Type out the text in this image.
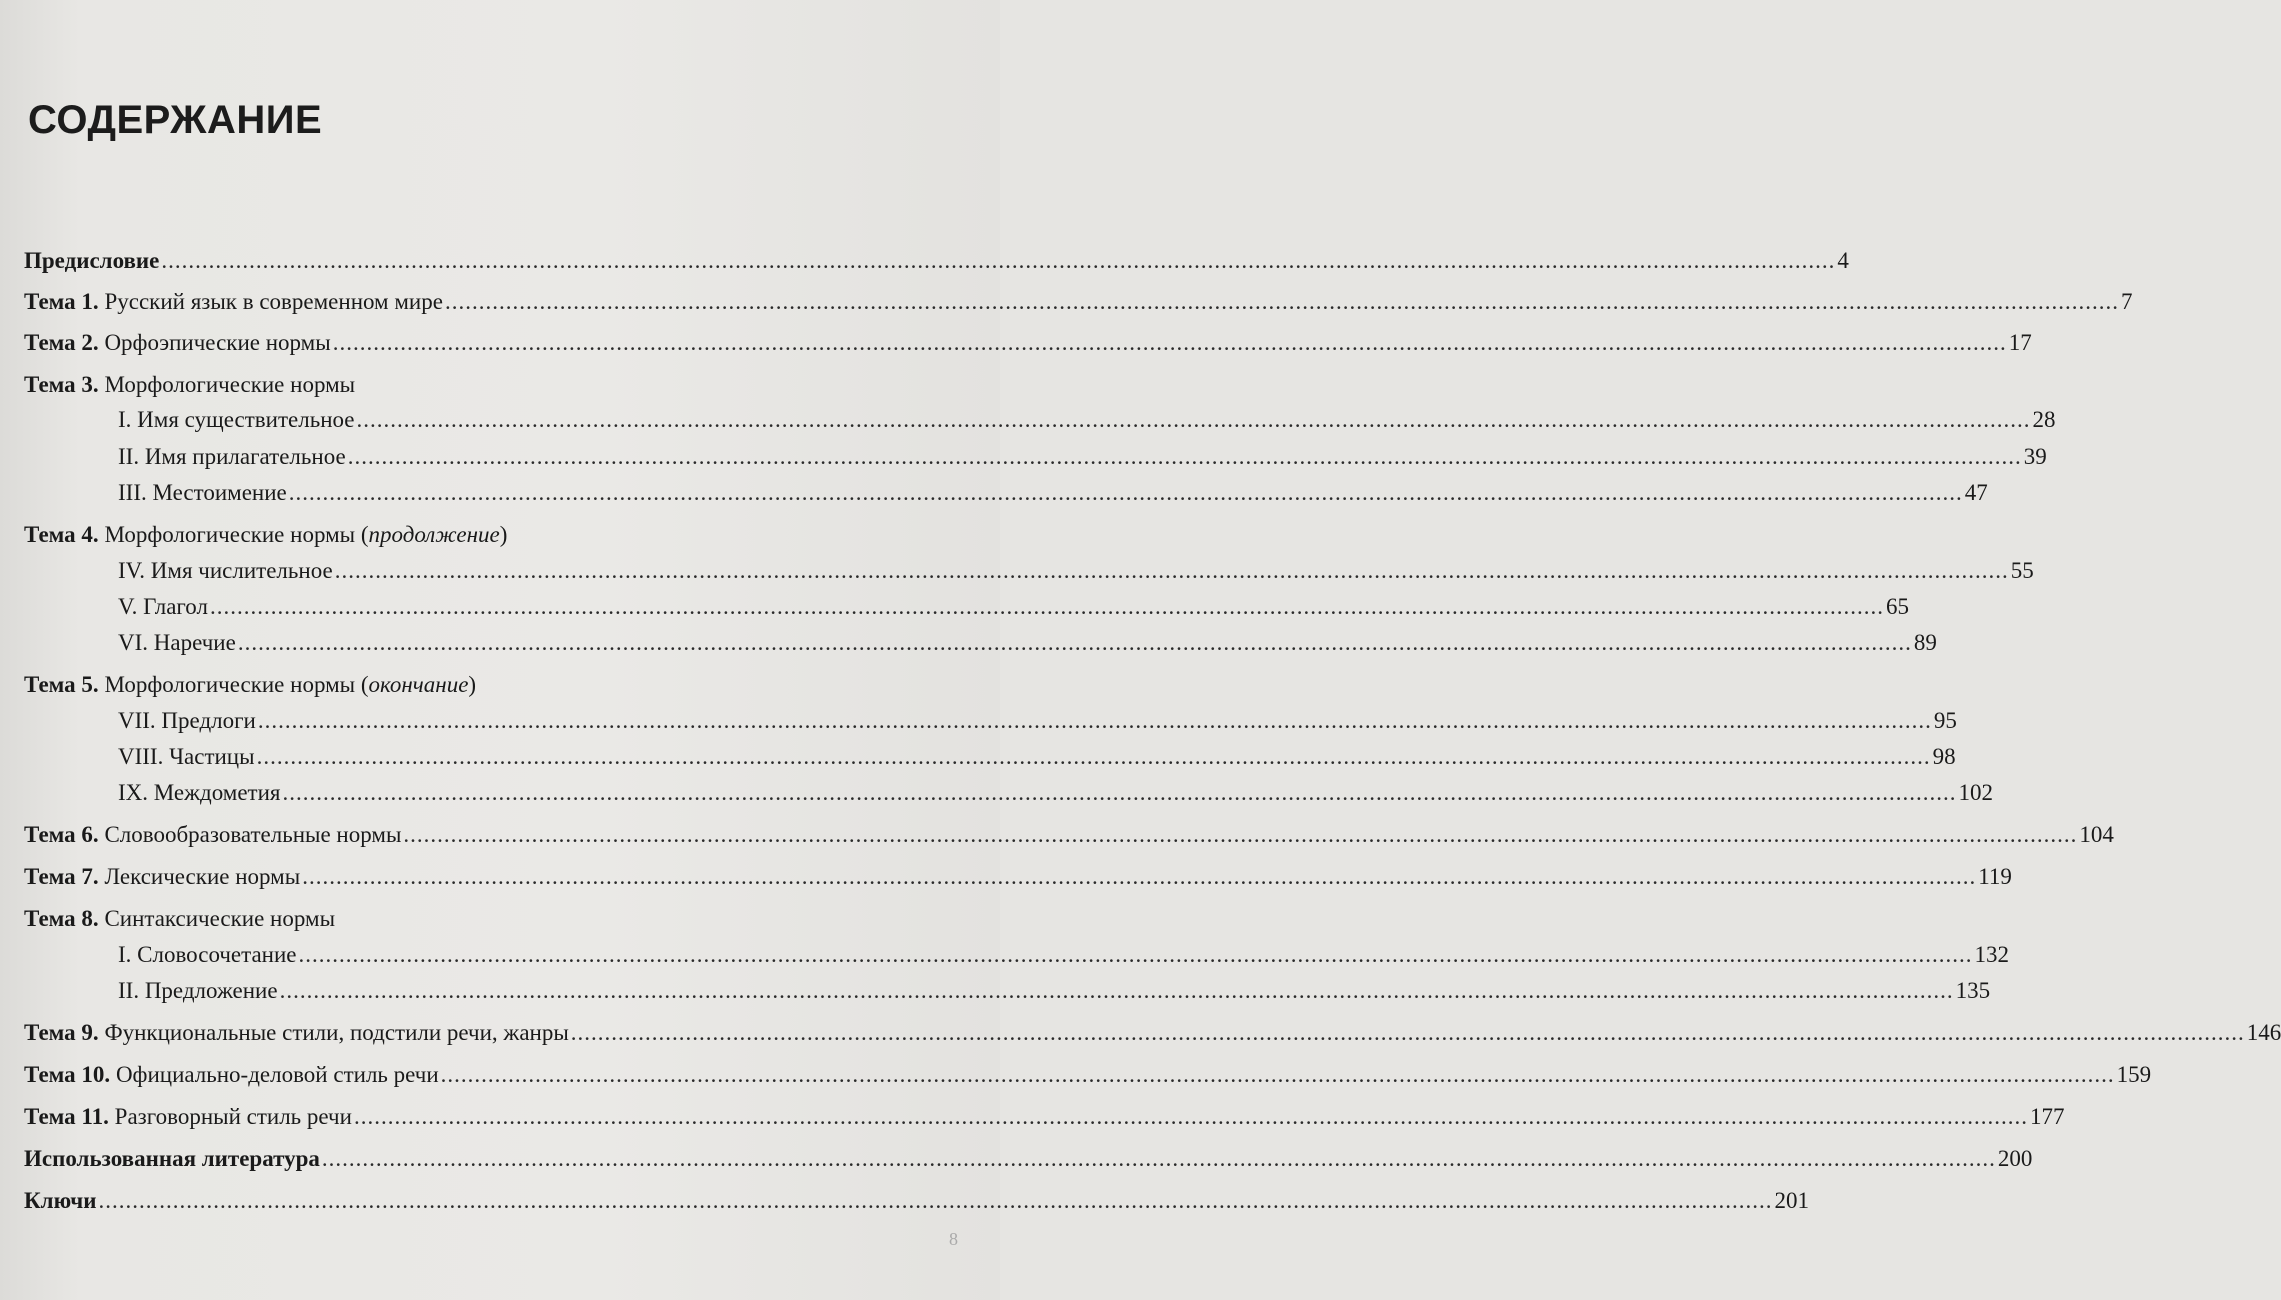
СОДЕРЖАНИЕ
Предисловие .....	4
Тема 1. Русский язык в современном мире .....	7
Тема 2. Орфоэпические нормы .....	17
Тема 3. Морфологические нормы
I. Имя существительное .....	28
II. Имя прилагательное .....	39
III. Местоимение .....	47
Тема 4. Морфологические нормы (продолжение)
IV. Имя числительное .....	55
V. Глагол .....	65
VI. Наречие .....	89
Тема 5. Морфологические нормы (окончание)
VII. Предлоги .....	95
VIII. Частицы .....	98
IX. Междометия .....	102
Тема 6. Словообразовательные нормы .....	104
Тема 7. Лексические нормы .....	119
Тема 8. Синтаксические нормы
I. Словосочетание .....	132
II. Предложение .....	135
Тема 9. Функциональные стили, подстили речи, жанры .....	146
Тема 10. Официально-деловой стиль речи .....	159
Тема 11. Разговорный стиль речи .....	177
Использованная литература .....	200
Ключи .....	201
8
